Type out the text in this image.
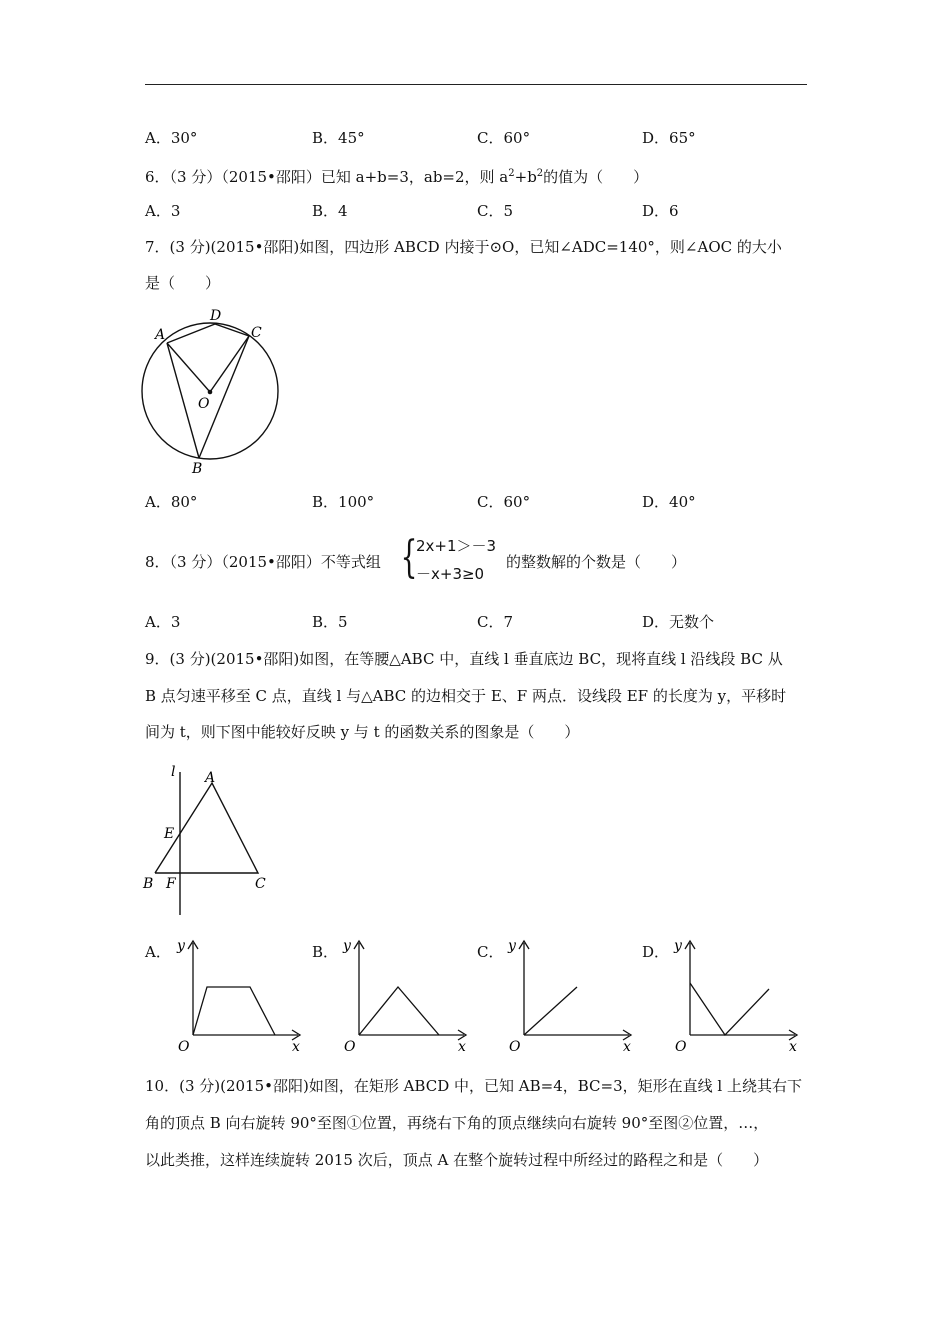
A．30°	B．45°	C．60°	D．65°
6．（3 分）（2015•邵阳）已知 a+b=3，ab=2，则 $a^2+b^2$的值为（　　）
A．3	B．4	C．5	D．6
7．(3 分)(2015•邵阳)如图，四边形 ABCD 内接于⊙O，已知∠ADC=140°，则∠AOC 的大小
是（　　）
A
D
C
O
B
A．80°	B．100°	C．60°	D．40°
8．（3 分）（2015•邵阳）不等式组 {
2x+1＞－3
－x+3≥0
的整数解的个数是（　　）
A．3	B．5	C．7	D．无数个
9．(3 分)(2015•邵阳)如图，在等腰△ABC 中，直线 l 垂直底边 BC，现将直线 l 沿线段 BC 从
B 点匀速平移至 C 点，直线 l 与△ABC 的边相交于 E、F 两点．设线段 EF 的长度为 y，平移时
间为 t，则下图中能较好反映 y 与 t 的函数关系的图象是（　　）
l A
E
B F	C
A．	B．	C．	D．
y
x
O
y
x
O
y
x
O
y
x
O
10．(3 分)(2015•邵阳)如图，在矩形 ABCD 中，已知 AB=4，BC=3，矩形在直线 l 上绕其右下
角的顶点 B 向右旋转 90°至图①位置，再绕右下角的顶点继续向右旋转 90°至图②位置，…，
以此类推，这样连续旋转 2015 次后，顶点 A 在整个旋转过程中所经过的路程之和是（　　）
